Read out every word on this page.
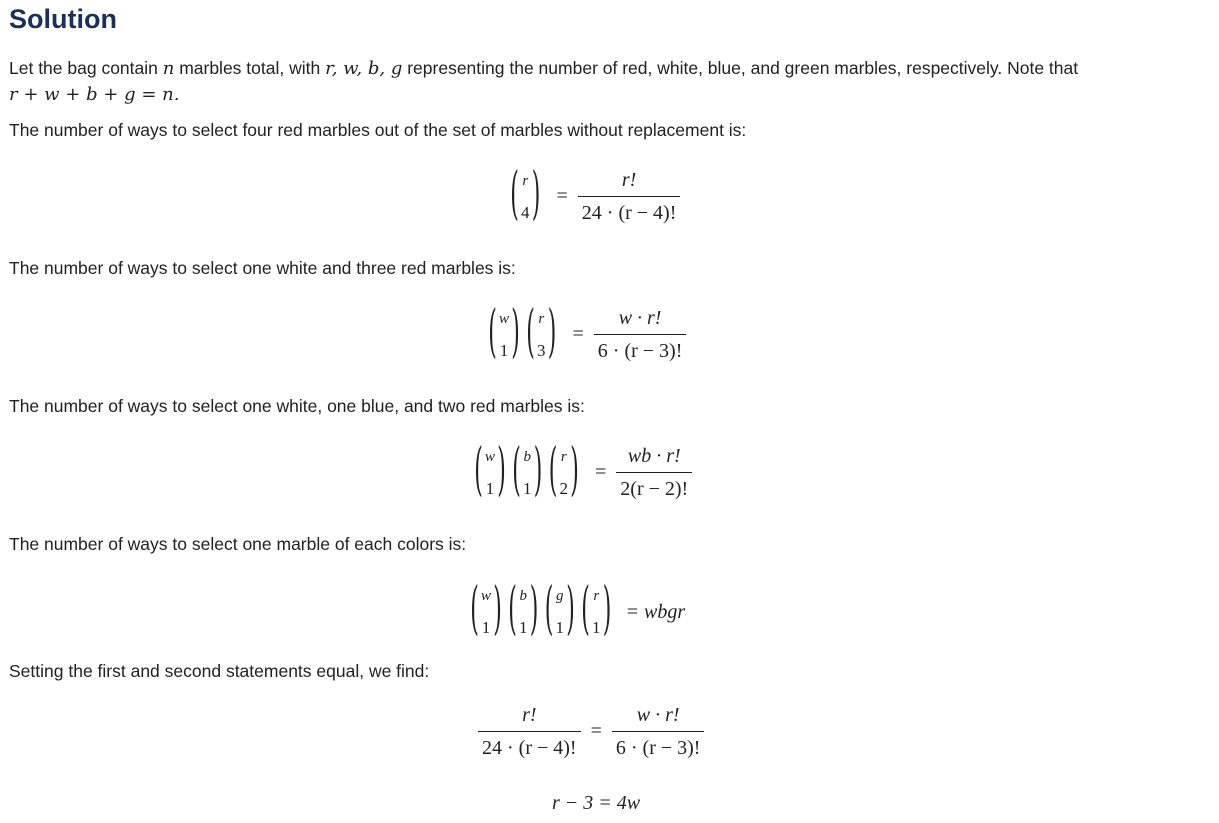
Solution

Let the bag contain n marbles total, with r, w, b, g representing the number of red, white, blue, and green marbles, respectively. Note that

r + w + b + g = n.

The number of ways to select four red marbles out of the set of marbles without replacement is:

( r
4 ) = $\frac{r!}{24 \cdot (r - 4)!}$

The number of ways to select one white and three red marbles is:

( w
1 ) ( r
3 ) = $\frac{w \cdot r!}{6 \cdot (r - 3)!}$

The number of ways to select one white, one blue, and two red marbles is:

( w
1 ) ( b
1 ) ( r
2 ) = $\frac{wb \cdot r!}{2(r - 2)!}$

The number of ways to select one marble of each colors is:

( w
1 ) ( b
1 ) ( g
1 ) ( r
1 ) = wbgr

Setting the first and second statements equal, we find:

$\frac{r!}{24 \cdot (r - 4)!} = \frac{w \cdot r!}{6 \cdot (r - 3)!}$
r − 3 = 4w
